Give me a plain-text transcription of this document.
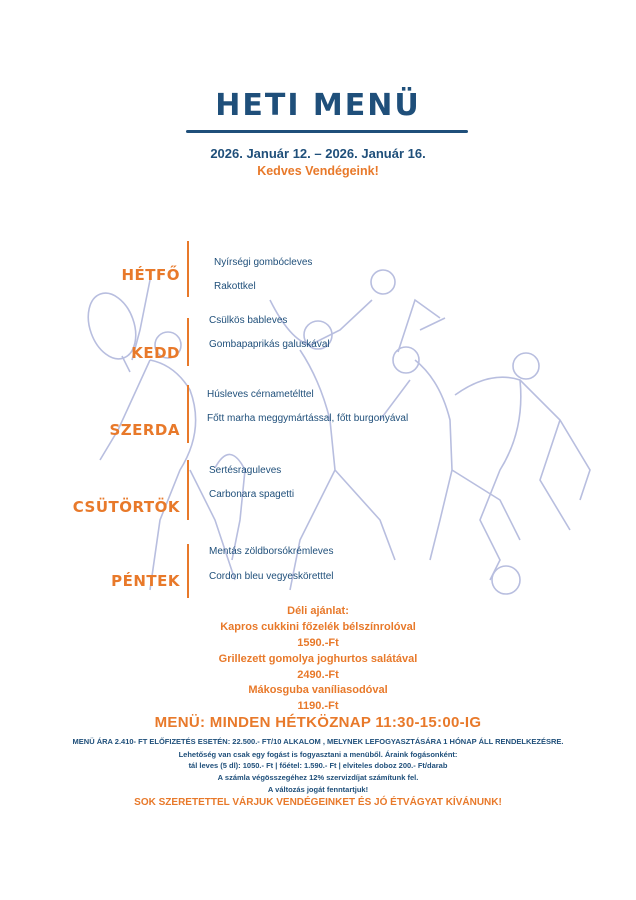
HETI MENÜ
2026. Január 12. – 2026. Január 16.
Kedves Vendégeink!
HÉTFŐ
Nyírségi gombócleves
Rakottkel
KEDD
Csülkös bableves
Gombapaprikás galuskával
SZERDA
Húsleves cérnametélttel
Főtt marha meggymártással, főtt burgonyával
CSÜTÖRTÖK
Sertésraguleves
Carbonara spagetti
PÉNTEK
Mentás zöldborsókrémleves
Cordon bleu vegyesköretttel
Déli ajánlat:
Kapros cukkini főzelék bélszínrolóval
1590.-Ft
Grillezett gomolya joghurtos salátával
2490.-Ft
Mákosguba vaníliasodóval
1190.-Ft
MENÜ: MINDEN HÉTKÖZNAP 11:30-15:00-IG
MENÜ ÁRA 2.410- FT ELŐFIZETÉS ESETÉN: 22.500.- FT/10 ALKALOM , MELYNEK LEFOGYASZTÁSÁRA 1 HÓNAP ÁLL RENDELKEZÉSRE.
Lehetőség van csak egy fogást is fogyasztani a menüből. Áraink fogásonként:
tál leves (5 dl): 1050.- Ft | főétel: 1.590.- Ft | elviteles doboz 200.- Ft/darab
A számla végösszegéhez 12% szervizdíjat számítunk fel.
A változás jogát fenntartjuk!
SOK SZERETETTEL VÁRJUK VENDÉGEINKET ÉS JÓ ÉTVÁGYAT KÍVÁNUNK!
